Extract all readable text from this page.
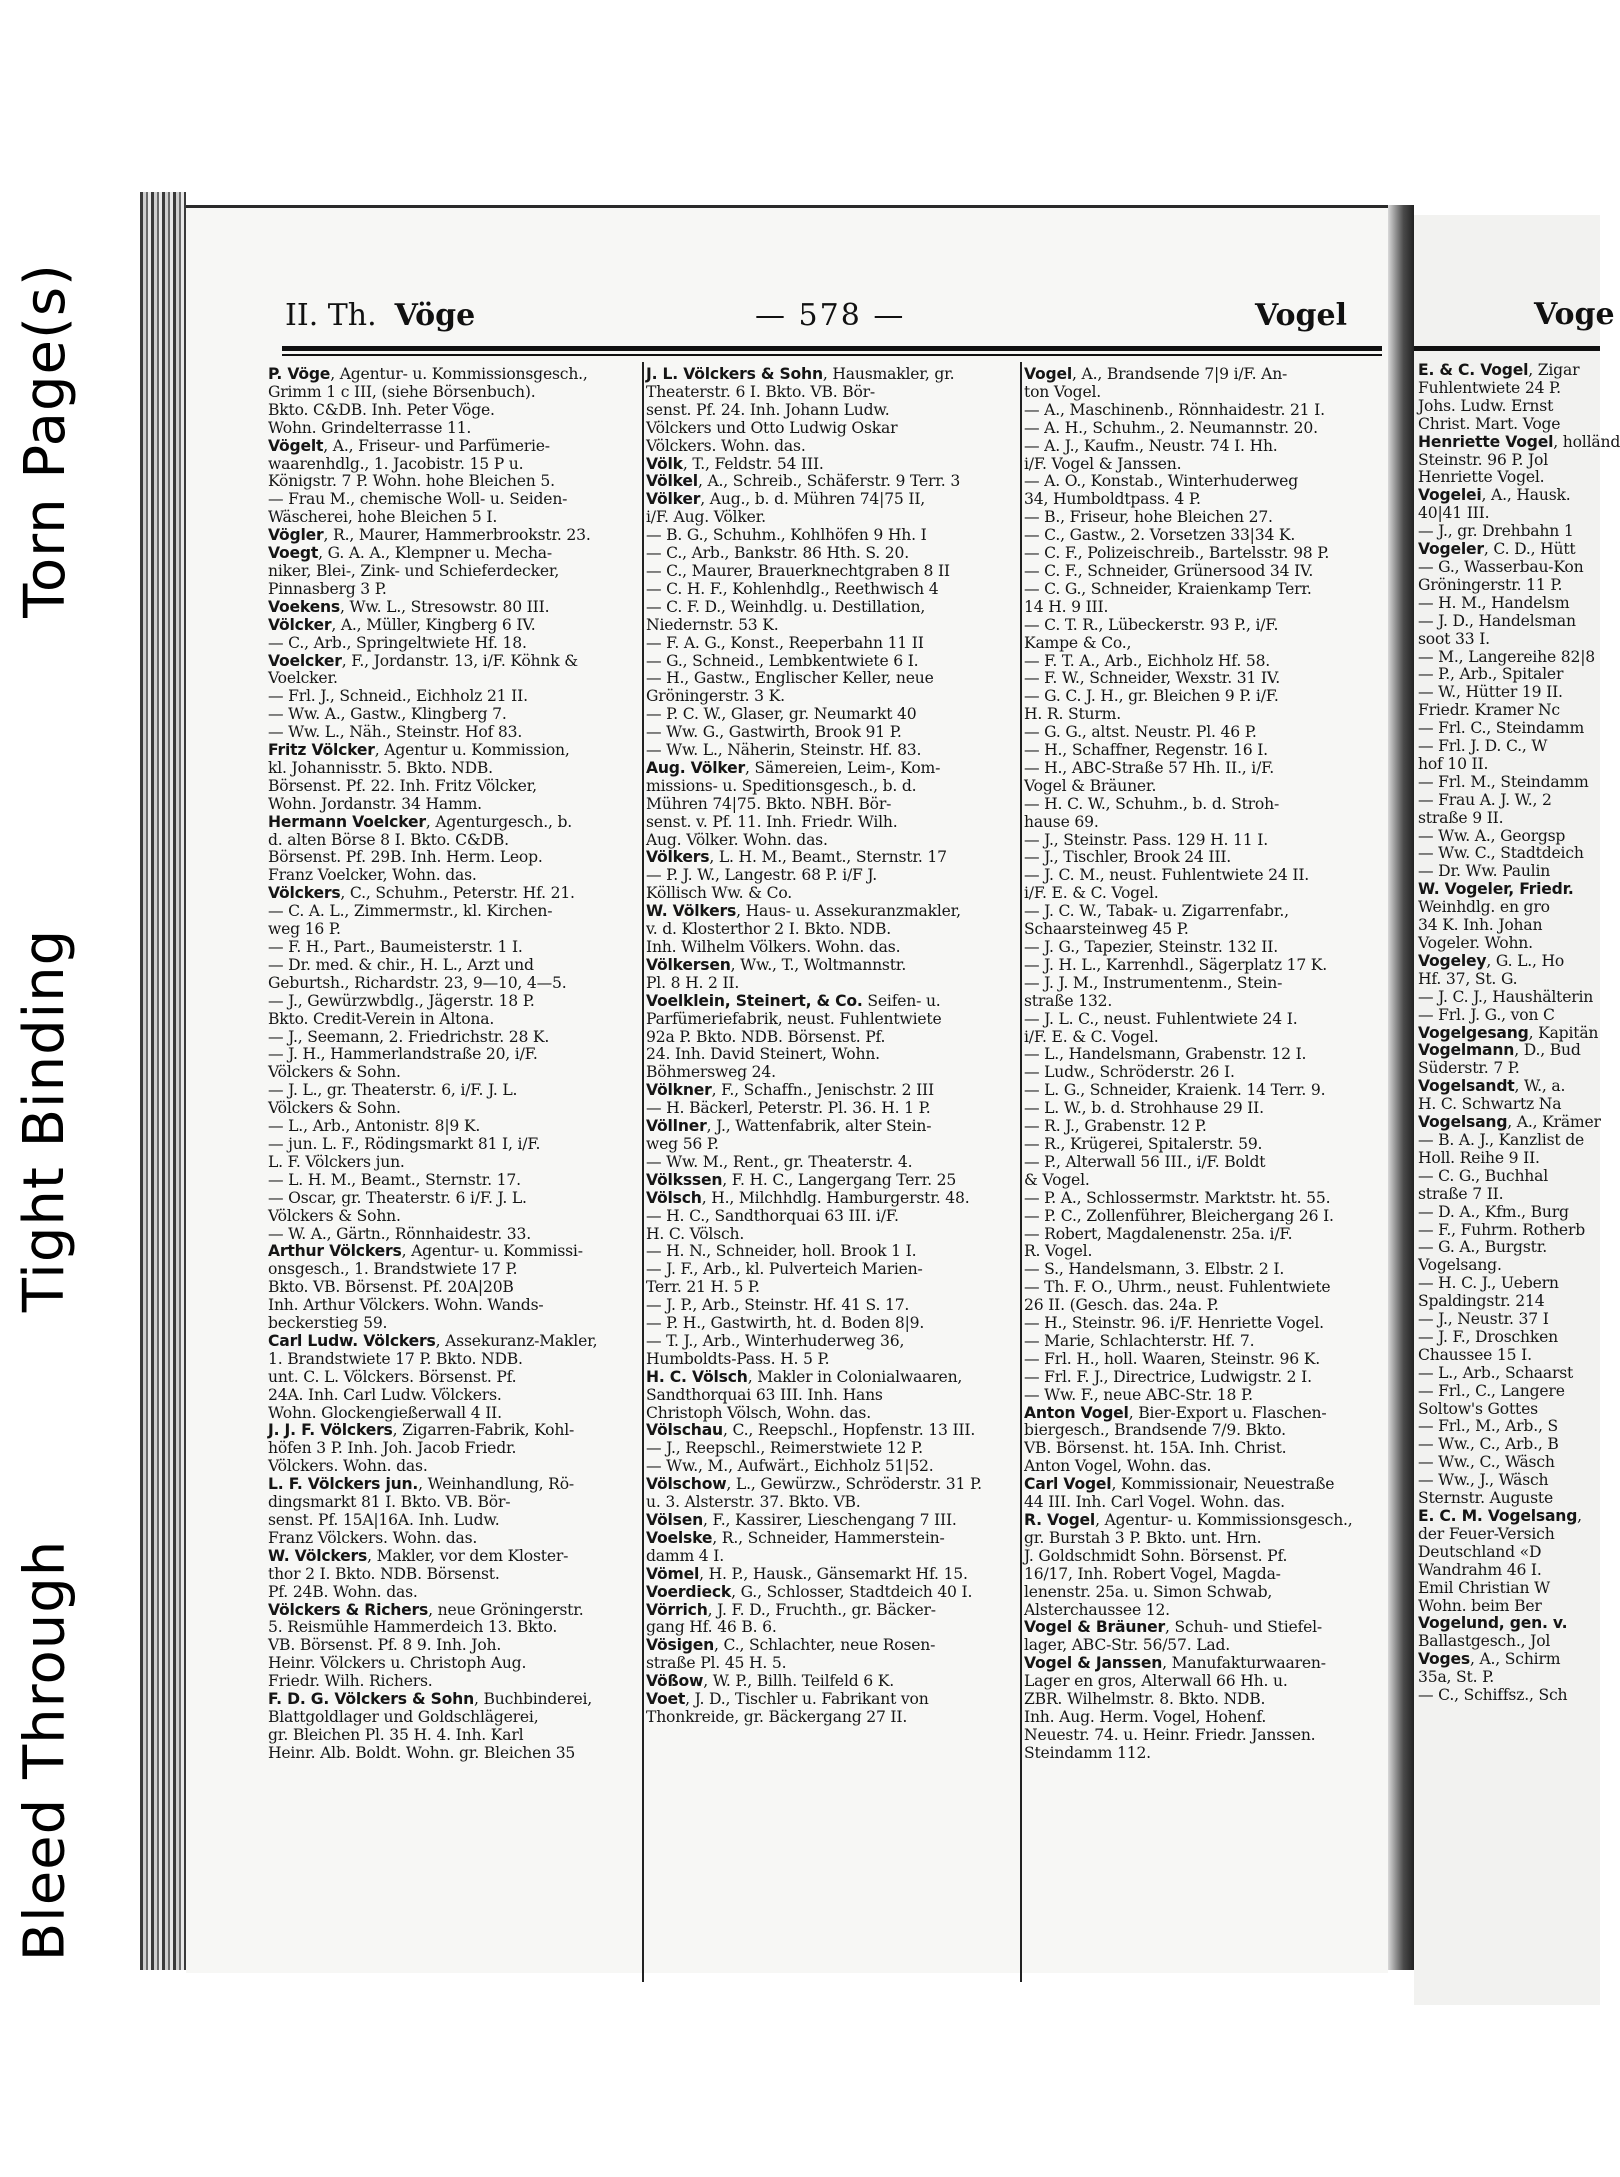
Torn Page(s)
Tight Binding
Bleed Through
II. Th. Vöge	— 578 —	Vogel
P. Vöge, Agentur- u. Kommissionsgesch.,
Grimm 1 c III, (siehe Börsenbuch).
Bkto. C&DB. Inh. Peter Vöge.
Wohn. Grindelterrasse 11.
Vögelt, A., Friseur- und Parfümerie-
waarenhdlg., 1. Jacobistr. 15 P u.
Königstr. 7 P. Wohn. hohe Bleichen 5.
— Frau M., chemische Woll- u. Seiden-
Wäscherei, hohe Bleichen 5 I.
Vögler, R., Maurer, Hammerbrookstr. 23.
Voegt, G. A. A., Klempner u. Mecha-
niker, Blei-, Zink- und Schieferdecker,
Pinnasberg 3 P.
Voekens, Ww. L., Stresowstr. 80 III.
Völcker, A., Müller, Kingberg 6 IV.
— C., Arb., Springeltwiete Hf. 18.
Voelcker, F., Jordanstr. 13, i/F. Köhnk &
Voelcker.
— Frl. J., Schneid., Eichholz 21 II.
— Ww. A., Gastw., Klingberg 7.
— Ww. L., Näh., Steinstr. Hof 83.
Fritz Völcker, Agentur u. Kommission,
kl. Johannisstr. 5. Bkto. NDB.
Börsenst. Pf. 22. Inh. Fritz Völcker,
Wohn. Jordanstr. 34 Hamm.
Hermann Voelcker, Agenturgesch., b.
d. alten Börse 8 I. Bkto. C&DB.
Börsenst. Pf. 29B. Inh. Herm. Leop.
Franz Voelcker, Wohn. das.
Völckers, C., Schuhm., Peterstr. Hf. 21.
— C. A. L., Zimmermstr., kl. Kirchen-
weg 16 P.
— F. H., Part., Baumeisterstr. 1 I.
— Dr. med. & chir., H. L., Arzt und
Geburtsh., Richardstr. 23, 9—10, 4—5.
— J., Gewürzwbdlg., Jägerstr. 18 P.
Bkto. Credit-Verein in Altona.
— J., Seemann, 2. Friedrichstr. 28 K.
— J. H., Hammerlandstraße 20, i/F.
Völckers & Sohn.
— J. L., gr. Theaterstr. 6, i/F. J. L.
Völckers & Sohn.
— L., Arb., Antonistr. 8|9 K.
— jun. L. F., Rödingsmarkt 81 I, i/F.
L. F. Völckers jun.
— L. H. M., Beamt., Sternstr. 17.
— Oscar, gr. Theaterstr. 6 i/F. J. L.
Völckers & Sohn.
— W. A., Gärtn., Rönnhaidestr. 33.
Arthur Völckers, Agentur- u. Kommissi-
onsgesch., 1. Brandstwiete 17 P.
Bkto. VB. Börsenst. Pf. 20A|20B
Inh. Arthur Völckers. Wohn. Wands-
beckerstieg 59.
Carl Ludw. Völckers, Assekuranz-Makler,
1. Brandstwiete 17 P. Bkto. NDB.
unt. C. L. Völckers. Börsenst. Pf.
24A. Inh. Carl Ludw. Völckers.
Wohn. Glockengießerwall 4 II.
J. J. F. Völckers, Zigarren-Fabrik, Kohl-
höfen 3 P. Inh. Joh. Jacob Friedr.
Völckers. Wohn. das.
L. F. Völckers jun., Weinhandlung, Rö-
dingsmarkt 81 I. Bkto. VB. Bör-
senst. Pf. 15A|16A. Inh. Ludw.
Franz Völckers. Wohn. das.
W. Völckers, Makler, vor dem Kloster-
thor 2 I. Bkto. NDB. Börsenst.
Pf. 24B. Wohn. das.
Völckers & Richers, neue Gröningerstr.
5. Reismühle Hammerdeich 13. Bkto.
VB. Börsenst. Pf. 8 9. Inh. Joh.
Heinr. Völckers u. Christoph Aug.
Friedr. Wilh. Richers.
F. D. G. Völckers & Sohn, Buchbinderei,
Blattgoldlager und Goldschlägerei,
gr. Bleichen Pl. 35 H. 4. Inh. Karl
Heinr. Alb. Boldt. Wohn. gr. Bleichen 35
J. L. Völckers & Sohn, Hausmakler, gr.
Theaterstr. 6 I. Bkto. VB. Bör-
senst. Pf. 24. Inh. Johann Ludw.
Völckers und Otto Ludwig Oskar
Völckers. Wohn. das.
Völk, T., Feldstr. 54 III.
Völkel, A., Schreib., Schäferstr. 9 Terr. 3
Völker, Aug., b. d. Mühren 74|75 II,
i/F. Aug. Völker.
— B. G., Schuhm., Kohlhöfen 9 Hh. I
— C., Arb., Bankstr. 86 Hth. S. 20.
— C., Maurer, Brauerknechtgraben 8 II
— C. H. F., Kohlenhdlg., Reethwisch 4
— C. F. D., Weinhdlg. u. Destillation,
Niedernstr. 53 K.
— F. A. G., Konst., Reeperbahn 11 II
— G., Schneid., Lembkentwiete 6 I.
— H., Gastw., Englischer Keller, neue
Gröningerstr. 3 K.
— P. C. W., Glaser, gr. Neumarkt 40
— Ww. G., Gastwirth, Brook 91 P.
— Ww. L., Näherin, Steinstr. Hf. 83.
Aug. Völker, Sämereien, Leim-, Kom-
missions- u. Speditionsgesch., b. d.
Mühren 74|75. Bkto. NBH. Bör-
senst. v. Pf. 11. Inh. Friedr. Wilh.
Aug. Völker. Wohn. das.
Völkers, L. H. M., Beamt., Sternstr. 17
— P. J. W., Langestr. 68 P. i/F J.
Köllisch Ww. & Co.
W. Völkers, Haus- u. Assekuranzmakler,
v. d. Klosterthor 2 I. Bkto. NDB.
Inh. Wilhelm Völkers. Wohn. das.
Völkersen, Ww., T., Woltmannstr.
Pl. 8 H. 2 II.
Voelklein, Steinert, & Co. Seifen- u.
Parfümeriefabrik, neust. Fuhlentwiete
92a P. Bkto. NDB. Börsenst. Pf.
24. Inh. David Steinert, Wohn.
Böhmersweg 24.
Völkner, F., Schaffn., Jenischstr. 2 III
— H. Bäckerl, Peterstr. Pl. 36. H. 1 P.
Völlner, J., Wattenfabrik, alter Stein-
weg 56 P.
— Ww. M., Rent., gr. Theaterstr. 4.
Völkssen, F. H. C., Langergang Terr. 25
Völsch, H., Milchhdlg. Hamburgerstr. 48.
— H. C., Sandthorquai 63 III. i/F.
H. C. Völsch.
— H. N., Schneider, holl. Brook 1 I.
— J. F., Arb., kl. Pulverteich Marien-
Terr. 21 H. 5 P.
— J. P., Arb., Steinstr. Hf. 41 S. 17.
— P. H., Gastwirth, ht. d. Boden 8|9.
— T. J., Arb., Winterhuderweg 36,
Humboldts-Pass. H. 5 P.
H. C. Völsch, Makler in Colonialwaaren,
Sandthorquai 63 III. Inh. Hans
Christoph Völsch, Wohn. das.
Völschau, C., Reepschl., Hopfenstr. 13 III.
— J., Reepschl., Reimerstwiete 12 P.
— Ww., M., Aufwärt., Eichholz 51|52.
Völschow, L., Gewürzw., Schröderstr. 31 P.
u. 3. Alsterstr. 37. Bkto. VB.
Völsen, F., Kassirer, Lieschengang 7 III.
Voelske, R., Schneider, Hammerstein-
damm 4 I.
Vömel, H. P., Hausk., Gänsemarkt Hf. 15.
Voerdieck, G., Schlosser, Stadtdeich 40 I.
Vörrich, J. F. D., Fruchth., gr. Bäcker-
gang Hf. 46 B. 6.
Vösigen, C., Schlachter, neue Rosen-
straße Pl. 45 H. 5.
Vößow, W. P., Billh. Teilfeld 6 K.
Voet, J. D., Tischler u. Fabrikant von
Thonkreide, gr. Bäckergang 27 II.
Vogel, A., Brandsende 7|9 i/F. An-
ton Vogel.
— A., Maschinenb., Rönnhaidestr. 21 I.
— A. H., Schuhm., 2. Neumannstr. 20.
— A. J., Kaufm., Neustr. 74 I. Hh.
i/F. Vogel & Janssen.
— A. O., Konstab., Winterhuderweg
34, Humboldtpass. 4 P.
— B., Friseur, hohe Bleichen 27.
— C., Gastw., 2. Vorsetzen 33|34 K.
— C. F., Polizeischreib., Bartelsstr. 98 P.
— C. F., Schneider, Grünersood 34 IV.
— C. G., Schneider, Kraienkamp Terr.
14 H. 9 III.
— C. T. R., Lübeckerstr. 93 P., i/F.
Kampe & Co.,
— F. T. A., Arb., Eichholz Hf. 58.
— F. W., Schneider, Wexstr. 31 IV.
— G. C. J. H., gr. Bleichen 9 P. i/F.
H. R. Sturm.
— G. G., altst. Neustr. Pl. 46 P.
— H., Schaffner, Regenstr. 16 I.
— H., ABC-Straße 57 Hh. II., i/F.
Vogel & Bräuner.
— H. C. W., Schuhm., b. d. Stroh-
hause 69.
— J., Steinstr. Pass. 129 H. 11 I.
— J., Tischler, Brook 24 III.
— J. C. M., neust. Fuhlentwiete 24 II.
i/F. E. & C. Vogel.
— J. C. W., Tabak- u. Zigarrenfabr.,
Schaarsteinweg 45 P.
— J. G., Tapezier, Steinstr. 132 II.
— J. H. L., Karrenhdl., Sägerplatz 17 K.
— J. J. M., Instrumentenm., Stein-
straße 132.
— J. L. C., neust. Fuhlentwiete 24 I.
i/F. E. & C. Vogel.
— L., Handelsmann, Grabenstr. 12 I.
— Ludw., Schröderstr. 26 I.
— L. G., Schneider, Kraienk. 14 Terr. 9.
— L. W., b. d. Strohhause 29 II.
— R. J., Grabenstr. 12 P.
— R., Krügerei, Spitalerstr. 59.
— P., Alterwall 56 III., i/F. Boldt
& Vogel.
— P. A., Schlossermstr. Marktstr. ht. 55.
— P. C., Zollenführer, Bleichergang 26 I.
— Robert, Magdalenenstr. 25a. i/F.
R. Vogel.
— S., Handelsmann, 3. Elbstr. 2 I.
— Th. F. O., Uhrm., neust. Fuhlentwiete
26 II. (Gesch. das. 24a. P.
— H., Steinstr. 96. i/F. Henriette Vogel.
— Marie, Schlachterstr. Hf. 7.
— Frl. H., holl. Waaren, Steinstr. 96 K.
— Frl. F. J., Directrice, Ludwigstr. 2 I.
— Ww. F., neue ABC-Str. 18 P.
Anton Vogel, Bier-Export u. Flaschen-
biergesch., Brandsende 7/9. Bkto.
VB. Börsenst. ht. 15A. Inh. Christ.
Anton Vogel, Wohn. das.
Carl Vogel, Kommissionair, Neuestraße
44 III. Inh. Carl Vogel. Wohn. das.
R. Vogel, Agentur- u. Kommissionsgesch.,
gr. Burstah 3 P. Bkto. unt. Hrn.
J. Goldschmidt Sohn. Börsenst. Pf.
16/17, Inh. Robert Vogel, Magda-
lenenstr. 25a. u. Simon Schwab,
Alsterchaussee 12.
Vogel & Bräuner, Schuh- und Stiefel-
lager, ABC-Str. 56/57. Lad.
Vogel & Janssen, Manufakturwaaren-
Lager en gros, Alterwall 66 Hh. u.
ZBR. Wilhelmstr. 8. Bkto. NDB.
Inh. Aug. Herm. Vogel, Hohenf.
Neuestr. 74. u. Heinr. Friedr. Janssen.
Steindamm 112.
Voge
E. & C. Vogel, Zigar
Fuhlentwiete 24 P.
Johs. Ludw. Ernst
Christ. Mart. Voge
Henriette Vogel, holländ
Steinstr. 96 P. Jol
Henriette Vogel.
Vogelei, A., Hausk.
40|41 III.
— J., gr. Drehbahn 1
Vogeler, C. D., Hütt
— G., Wasserbau-Kon
Gröningerstr. 11 P.
— H. M., Handelsm
— J. D., Handelsman
soot 33 I.
— M., Langereihe 82|8
— P., Arb., Spitaler
— W., Hütter 19 II.
Friedr. Kramer Nc
— Frl. C., Steindamm
— Frl. J. D. C., W
hof 10 II.
— Frl. M., Steindamm
— Frau A. J. W., 2
straße 9 II.
— Ww. A., Georgsp
— Ww. C., Stadtdeich
— Dr. Ww. Paulin
W. Vogeler, Friedr.
Weinhdlg. en gro
34 K. Inh. Johan
Vogeler. Wohn.
Vogeley, G. L., Ho
Hf. 37, St. G.
— J. C. J., Haushälterin
— Frl. J. G., von C
Vogelgesang, Kapitän
Vogelmann, D., Bud
Süderstr. 7 P.
Vogelsandt, W., a.
H. C. Schwartz Na
Vogelsang, A., Krämer
— B. A. J., Kanzlist de
Holl. Reihe 9 II.
— C. G., Buchhal
straße 7 II.
— D. A., Kfm., Burg
— F., Fuhrm. Rotherb
— G. A., Burgstr.
Vogelsang.
— H. C. J., Uebern
Spaldingstr. 214
— J., Neustr. 37 I
— J. F., Droschken
Chaussee 15 I.
— L., Arb., Schaarst
— Frl., C., Langere
Soltow's Gottes
— Frl., M., Arb., S
— Ww., C., Arb., B
— Ww., C., Wäsch
— Ww., J., Wäsch
Sternstr. Auguste
E. C. M. Vogelsang,
der Feuer-Versich
Deutschland «D
Wandrahm 46 I.
Emil Christian W
Wohn. beim Ber
Vogelund, gen. v.
Ballastgesch., Jol
Voges, A., Schirm
35a, St. P.
— C., Schiffsz., Sch
